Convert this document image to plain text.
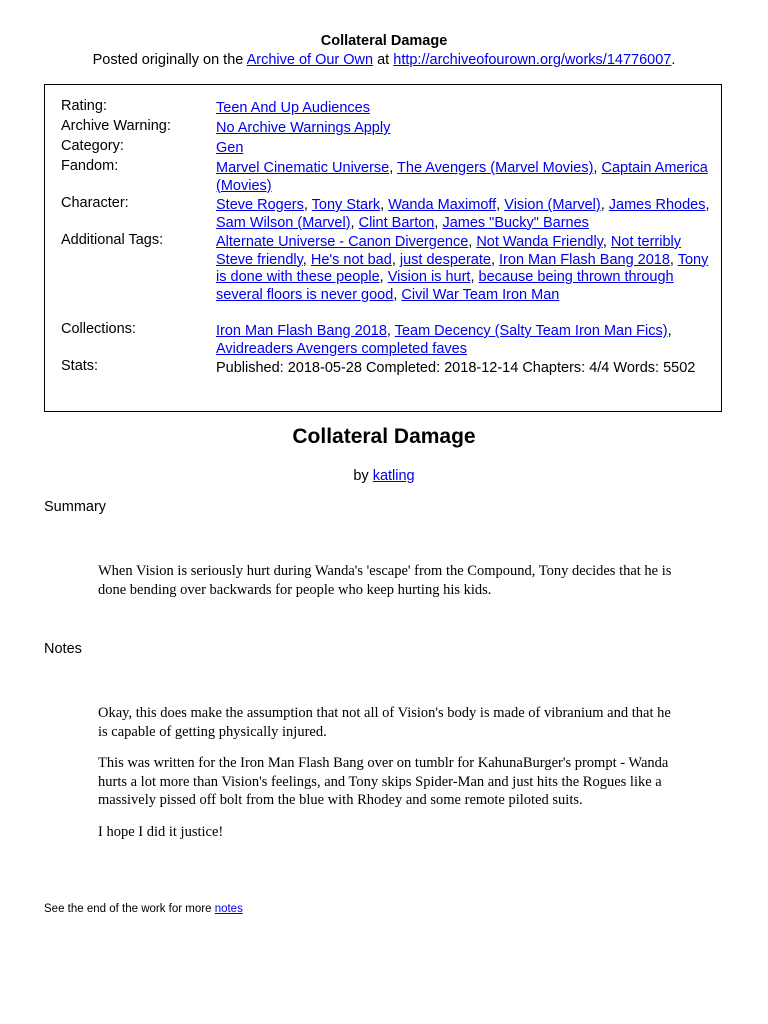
Collateral Damage
Posted originally on the Archive of Our Own at http://archiveofourown.org/works/14776007.
Rating:	Teen And Up Audiences
Archive Warning:	No Archive Warnings Apply
Category:	Gen
Fandom:	Marvel Cinematic Universe, The Avengers (Marvel Movies), Captain America (Movies)
Character:	Steve Rogers, Tony Stark, Wanda Maximoff, Vision (Marvel), James Rhodes, Sam Wilson (Marvel), Clint Barton, James "Bucky" Barnes
Additional Tags:	Alternate Universe - Canon Divergence, Not Wanda Friendly, Not terribly Steve friendly, He's not bad, just desperate, Iron Man Flash Bang 2018, Tony is done with these people, Vision is hurt, because being thrown through several floors is never good, Civil War Team Iron Man
Collections:	Iron Man Flash Bang 2018, Team Decency (Salty Team Iron Man Fics), Avidreaders Avengers completed faves
Stats:	Published: 2018-05-28 Completed: 2018-12-14 Chapters: 4/4 Words: 5502
Collateral Damage
by katling
Summary

When Vision is seriously hurt during Wanda's 'escape' from the Compound, Tony decides that he is done bending over backwards for people who keep hurting his kids.

Notes

Okay, this does make the assumption that not all of Vision's body is made of vibranium and that he is capable of getting physically injured.

This was written for the Iron Man Flash Bang over on tumblr for KahunaBurger's prompt - Wanda hurts a lot more than Vision's feelings, and Tony skips Spider-Man and just hits the Rogues like a massively pissed off bolt from the blue with Rhodey and some remote piloted suits.

I hope I did it justice!

See the end of the work for more notes
